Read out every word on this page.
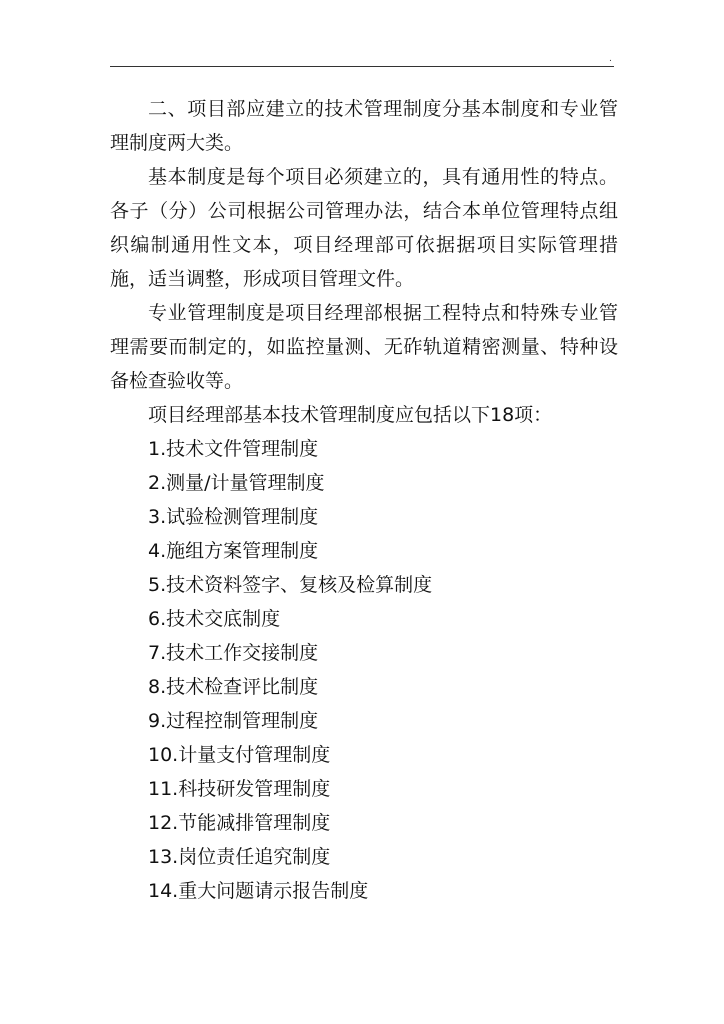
.

二、项目部应建立的技术管理制度分基本制度和专业管理制度两大类。

基本制度是每个项目必须建立的，具有通用性的特点。各子（分）公司根据公司管理办法，结合本单位管理特点组织编制通用性文本，项目经理部可依据据项目实际管理措施，适当调整，形成项目管理文件。

专业管理制度是项目经理部根据工程特点和特殊专业管理需要而制定的，如监控量测、无砟轨道精密测量、特种设备检查验收等。

项目经理部基本技术管理制度应包括以下18项：

1.技术文件管理制度
2.测量/计量管理制度
3.试验检测管理制度
4.施组方案管理制度
5.技术资料签字、复核及检算制度
6.技术交底制度
7.技术工作交接制度
8.技术检查评比制度
9.过程控制管理制度
10.计量支付管理制度
11.科技研发管理制度
12.节能减排管理制度
13.岗位责任追究制度
14.重大问题请示报告制度
